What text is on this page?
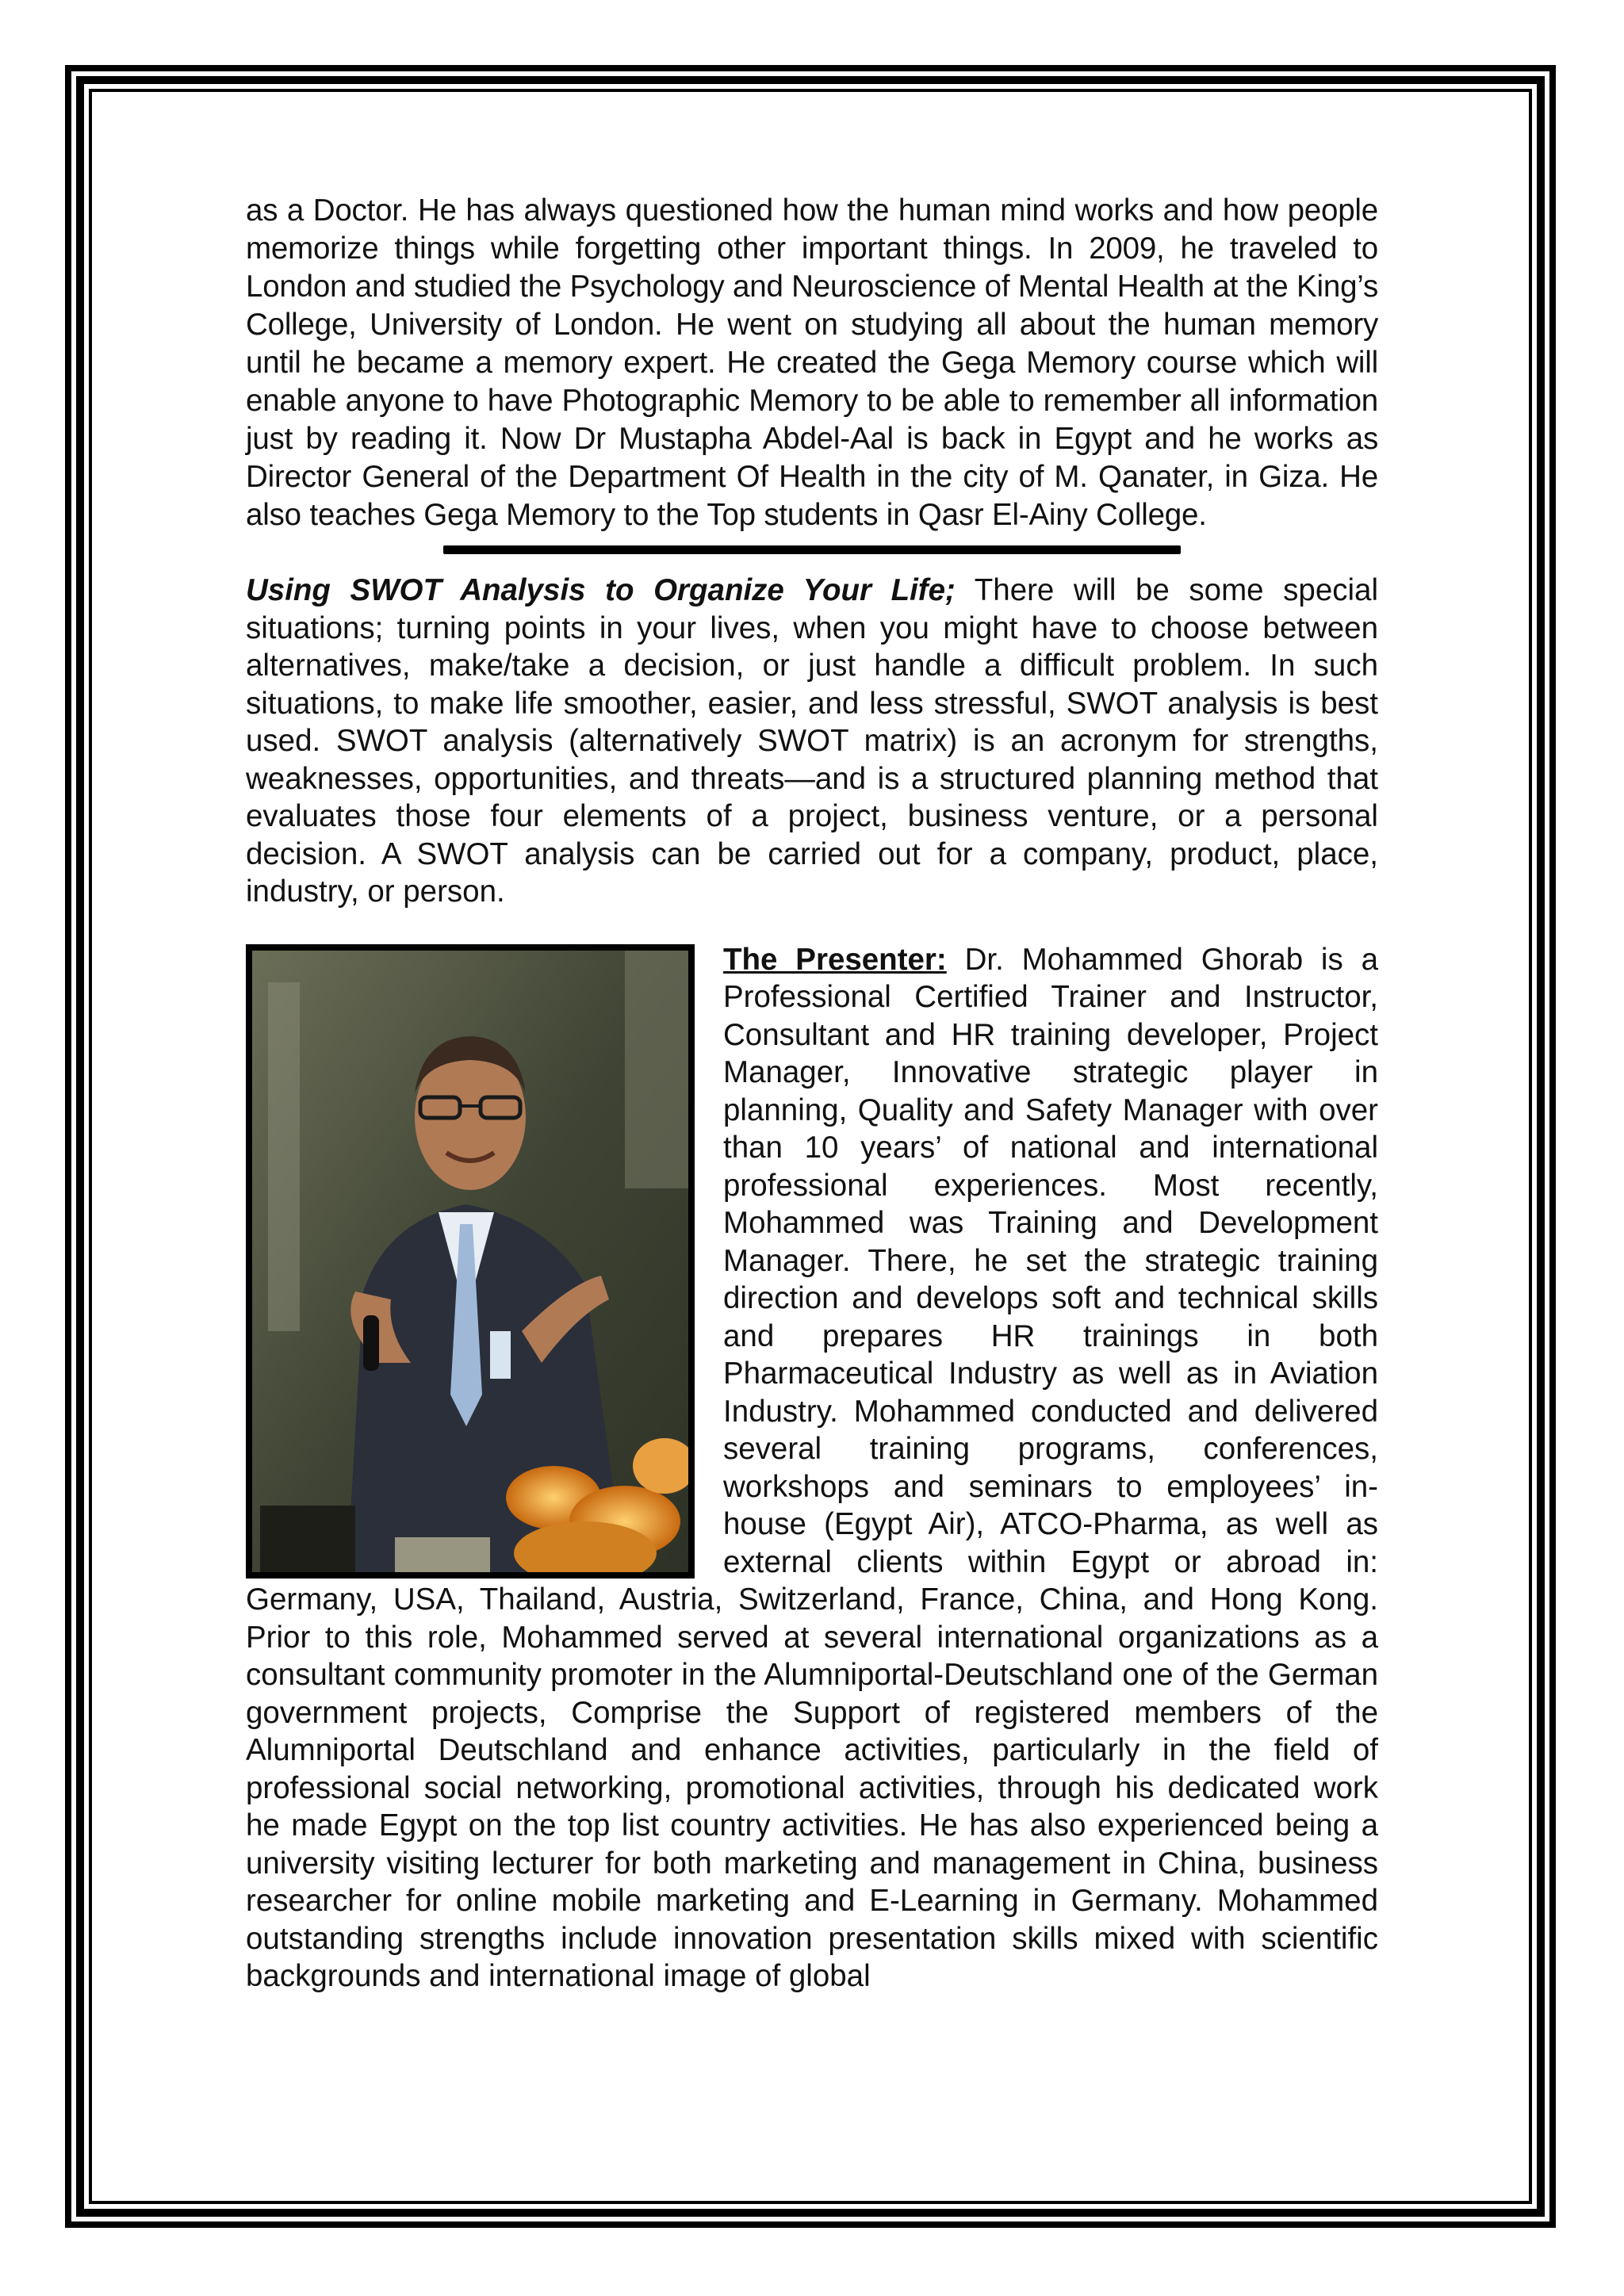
as a Doctor. He has always questioned how the human mind works and how people memorize things while forgetting other important things. In 2009, he traveled to London and studied the Psychology and Neuroscience of Mental Health at the King’s College, University of London. He went on studying all about the human memory until he became a memory expert. He created the Gega Memory course which will enable anyone to have Photographic Memory to be able to remember all information just by reading it. Now Dr Mustapha Abdel-Aal is back in Egypt and he works as Director General of the Department Of Health in the city of M. Qanater, in Giza. He also teaches Gega Memory to the Top students in Qasr El-Ainy College.

Using SWOT Analysis to Organize Your Life; There will be some special situations; turning points in your lives, when you might have to choose between alternatives, make/take a decision, or just handle a difficult problem. In such situations, to make life smoother, easier, and less stressful, SWOT analysis is best used. SWOT analysis (alternatively SWOT matrix) is an acronym for strengths, weaknesses, opportunities, and threats—and is a structured planning method that evaluates those four elements of a project, business venture, or a personal decision. A SWOT analysis can be carried out for a company, product, place, industry, or person.

The Presenter: Dr. Mohammed Ghorab is a Professional Certified Trainer and Instructor, Consultant and HR training developer, Project Manager, Innovative strategic player in planning, Quality and Safety Manager with over than 10 years’ of national and international professional experiences. Most recently, Mohammed was Training and Development Manager. There, he set the strategic training direction and develops soft and technical skills and prepares HR trainings in both Pharmaceutical Industry as well as in Aviation Industry. Mohammed conducted and delivered several training programs, conferences, workshops and seminars to employees’ in-house (Egypt Air), ATCO-Pharma, as well as external clients within Egypt or abroad in: Germany, USA, Thailand, Austria, Switzerland, France, China, and Hong Kong. Prior to this role, Mohammed served at several international organizations as a consultant community promoter in the Alumniportal-Deutschland one of the German government projects, Comprise the Support of registered members of the Alumniportal Deutschland and enhance activities, particularly in the field of professional social networking, promotional activities, through his dedicated work he made Egypt on the top list country activities. He has also experienced being a university visiting lecturer for both marketing and management in China, business researcher for online mobile marketing and E-Learning in Germany. Mohammed outstanding strengths include innovation presentation skills mixed with scientific backgrounds and international image of global
